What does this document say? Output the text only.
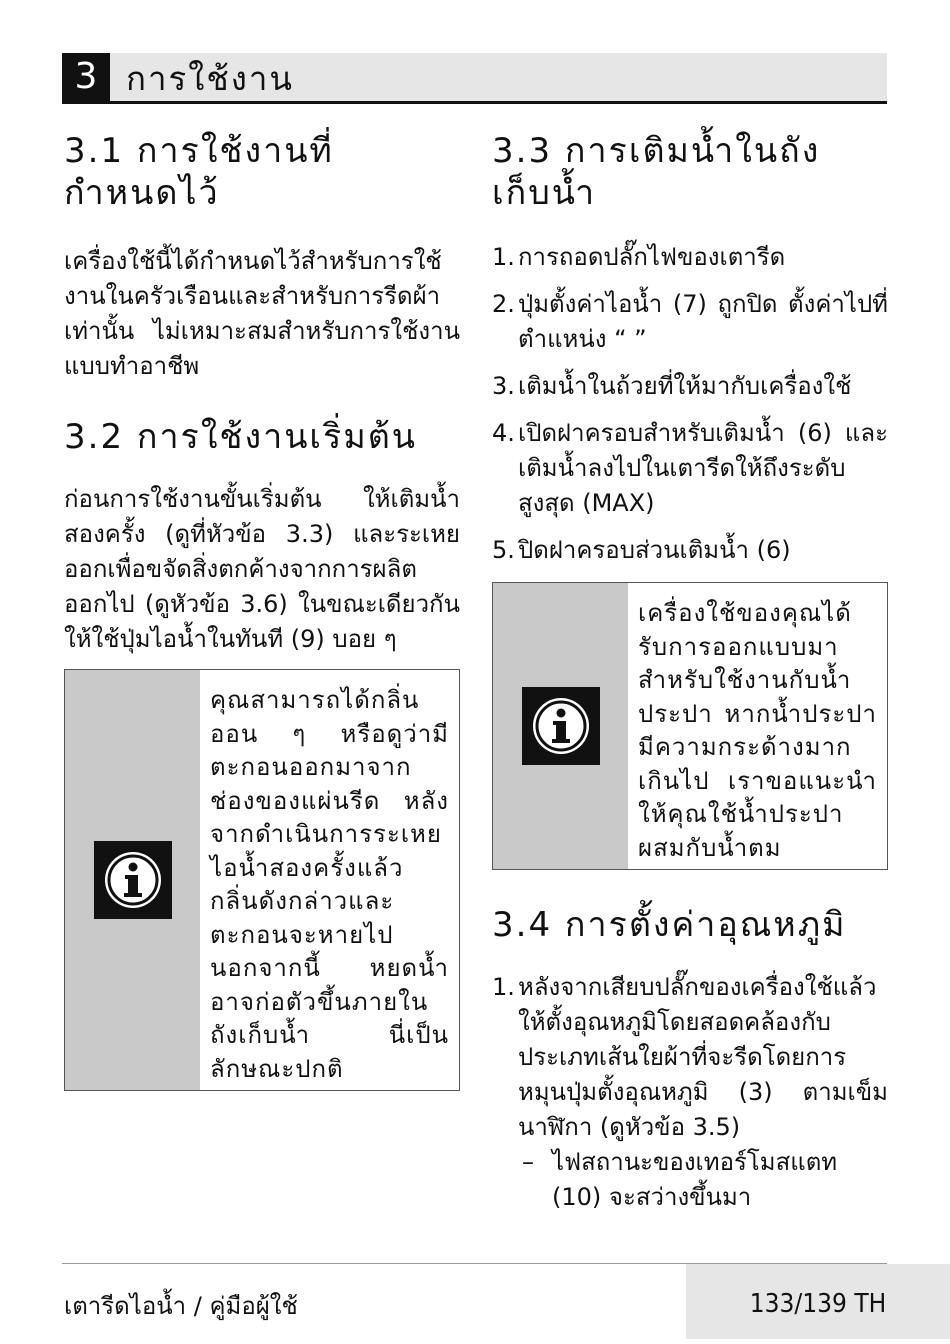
3 การใช้งาน
3.1 การใช้งานที่กำหนดไว้

เครื่องใช้นี้ได้กำหนดไว้สำหรับการใช้งานในครัวเรือนและสำหรับการรีดผ้าเท่านั้น ไม่เหมาะสมสำหรับการใช้งานแบบทำอาชีพ

3.2 การใช้งานเริ่มต้น

ก่อนการใช้งานขั้นเริ่มต้น ให้เติมน้ำสองครั้ง (ดูที่หัวข้อ 3.3) และระเหยออกเพื่อขจัดสิ่งตกค้างจากการผลิตออกไป (ดูหัวข้อ 3.6) ในขณะเดียวกัน ให้ใช้ปุ่มไอน้ำในทันที (9) บอย ๆ

คุณสามารถได้กลิ่นออน ๆ หรือดูว่ามีตะกอนออกมาจากช่องของแผ่นรีด หลังจากดำเนินการระเหยไอน้ำสองครั้งแล้ว กลิ่นดังกล่าวและตะกอนจะหายไป นอกจากนี้ หยดน้ำอาจก่อตัวขึ้นภายในถังเก็บน้ำ นี่เป็นลักษณะปกติ
3.3 การเติมน้ำในถังเก็บน้ำ
1. การถอดปลั๊กไฟของเตารีด
2. ปุ่มตั้งค่าไอน้ำ (7) ถูกปิด ตั้งค่าไปที่ตำแหน่ง “ ”
3. เติมน้ำในถ้วยที่ให้มากับเครื่องใช้
4. เปิดฝาครอบสำหรับเติมน้ำ (6) และเติมน้ำลงไปในเตารีดให้ถึงระดับสูงสุด (MAX)
5. ปิดฝาครอบส่วนเติมน้ำ (6)
เครื่องใช้ของคุณได้รับการออกแบบมาสำหรับใช้งานกับน้ำประปา หากน้ำประปามีความกระด้างมากเกินไป เราขอแนะนำให้คุณใช้น้ำประปาผสมกับน้ำตม
3.4 การตั้งค่าอุณหภูมิ
1. หลังจากเสียบปลั๊กของเครื่องใช้แล้ว ให้ตั้งอุณหภูมิโดยสอดคล้องกับประเภทเส้นใยผ้าที่จะรีดโดยการหมุนปุ่มตั้งอุณหภูมิ (3) ตามเข็มนาฬิกา (ดูหัวข้อ 3.5)
– ไฟสถานะของเทอร์โมสแตท (10) จะสว่างขึ้นมา
เตารีดไอน้ำ / คู่มือผู้ใช้	133/139 TH
